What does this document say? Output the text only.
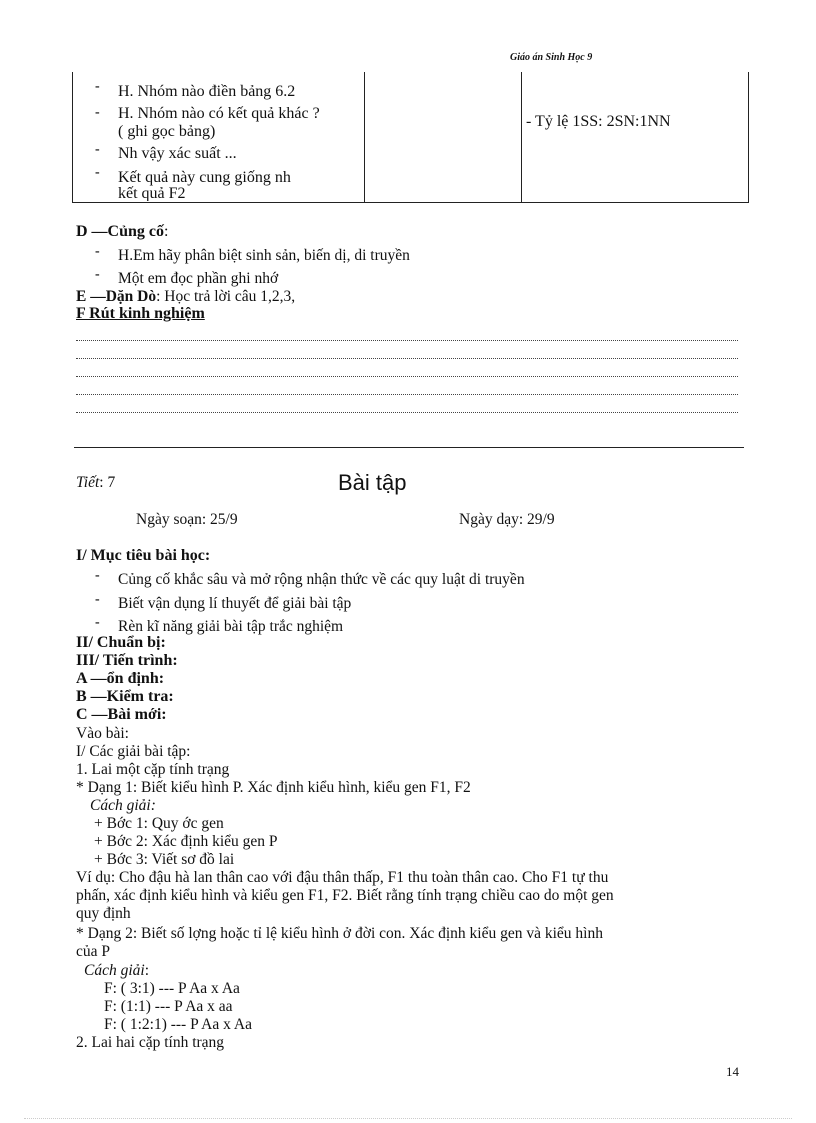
Giáo án Sinh Học 9
- H. Nhóm nào điền bảng 6.2
- H. Nhóm nào có kết quả khác ?
( ghi gọc bảng)
- Nh vậy xác suất ...
- Kết quả này cung giống nh
kết quả F2
- Tỷ lệ 1SS: 2SN:1NN
D —Củng cố:
- H.Em hãy phân biệt sinh sản, biến dị, di truyền
- Một em đọc phần ghi nhớ
E —Dặn Dò: Học trả lời câu 1,2,3,
F Rút kinh nghiệm
Tiết: 7	Bài tập
Ngày soạn: 25/9	Ngày dạy: 29/9
I/ Mục tiêu bài học:
- Củng cố khắc sâu và mở rộng nhận thức về các quy luật di truyền
- Biết vận dụng lí thuyết để giải bài tập
- Rèn kĩ năng giải bài tập trắc nghiệm
II/ Chuẩn bị:
III/ Tiến trình:
A —ổn định:
B —Kiểm tra:
C —Bài mới:
Vào bài:
I/ Các giải bài tập:
1. Lai một cặp tính trạng
* Dạng 1: Biết kiểu hình P. Xác định kiểu hình, kiểu gen F1, F2
Cách giải:
+ Bớc 1: Quy ớc gen
+ Bớc 2: Xác định kiểu gen P
+ Bớc 3: Viết sơ đồ lai
Ví dụ: Cho đậu hà lan thân cao với đậu thân thấp, F1 thu toàn thân cao. Cho F1 tự thu
phấn, xác định kiểu hình và kiểu gen F1, F2. Biết rằng tính trạng chiều cao do một gen
quy định
* Dạng 2: Biết số lợng hoặc tỉ lệ kiểu hình ở đời con. Xác định kiểu gen và kiểu hình
của P
Cách giải:
F: ( 3:1) --- P Aa x Aa
F: (1:1) --- P Aa x aa
F: ( 1:2:1) --- P Aa x Aa
2. Lai hai cặp tính trạng
14
